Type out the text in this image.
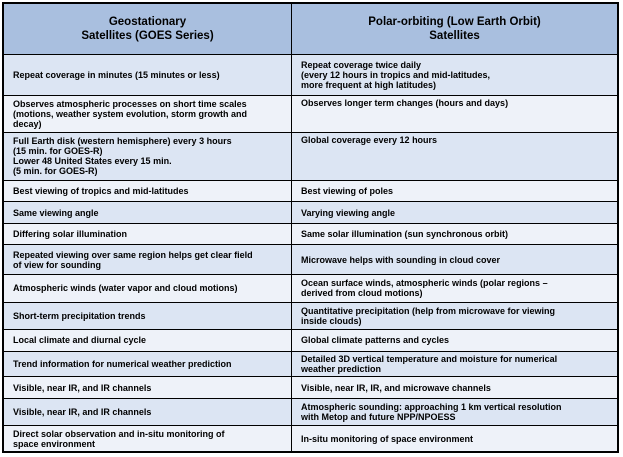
Geostationary
Satellites (GOES Series)	Polar-orbiting (Low Earth Orbit)
Satellites

Repeat coverage in minutes (15 minutes or less)	Repeat coverage twice daily
(every 12 hours in tropics and mid-latitudes,
more frequent at high latitudes)

Observes atmospheric processes on short time scales
(motions, weather system evolution, storm growth and
decay)	Observes longer term changes (hours and days)

Full Earth disk (western hemisphere) every 3 hours
(15 min. for GOES-R)
Lower 48 United States every 15 min.
(5 min. for GOES-R)	Global coverage every 12 hours

Best viewing of tropics and mid-latitudes	Best viewing of poles

Same viewing angle	Varying viewing angle

Differing solar illumination	Same solar illumination (sun synchronous orbit)

Repeated viewing over same region helps get clear field
of view for sounding	Microwave helps with sounding in cloud cover

Atmospheric winds (water vapor and cloud motions)	Ocean surface winds, atmospheric winds (polar regions –
derived from cloud motions)

Short-term precipitation trends	Quantitative precipitation (help from microwave for viewing
inside clouds)

Local climate and diurnal cycle	Global climate patterns and cycles

Trend information for numerical weather prediction	Detailed 3D vertical temperature and moisture for numerical
weather prediction

Visible, near IR, and IR channels	Visible, near IR, IR, and microwave channels

Visible, near IR, and IR channels	Atmospheric sounding: approaching 1 km vertical resolution
with Metop and future NPP/NPOESS

Direct solar observation and in-situ monitoring of
space environment	In-situ monitoring of space environment
